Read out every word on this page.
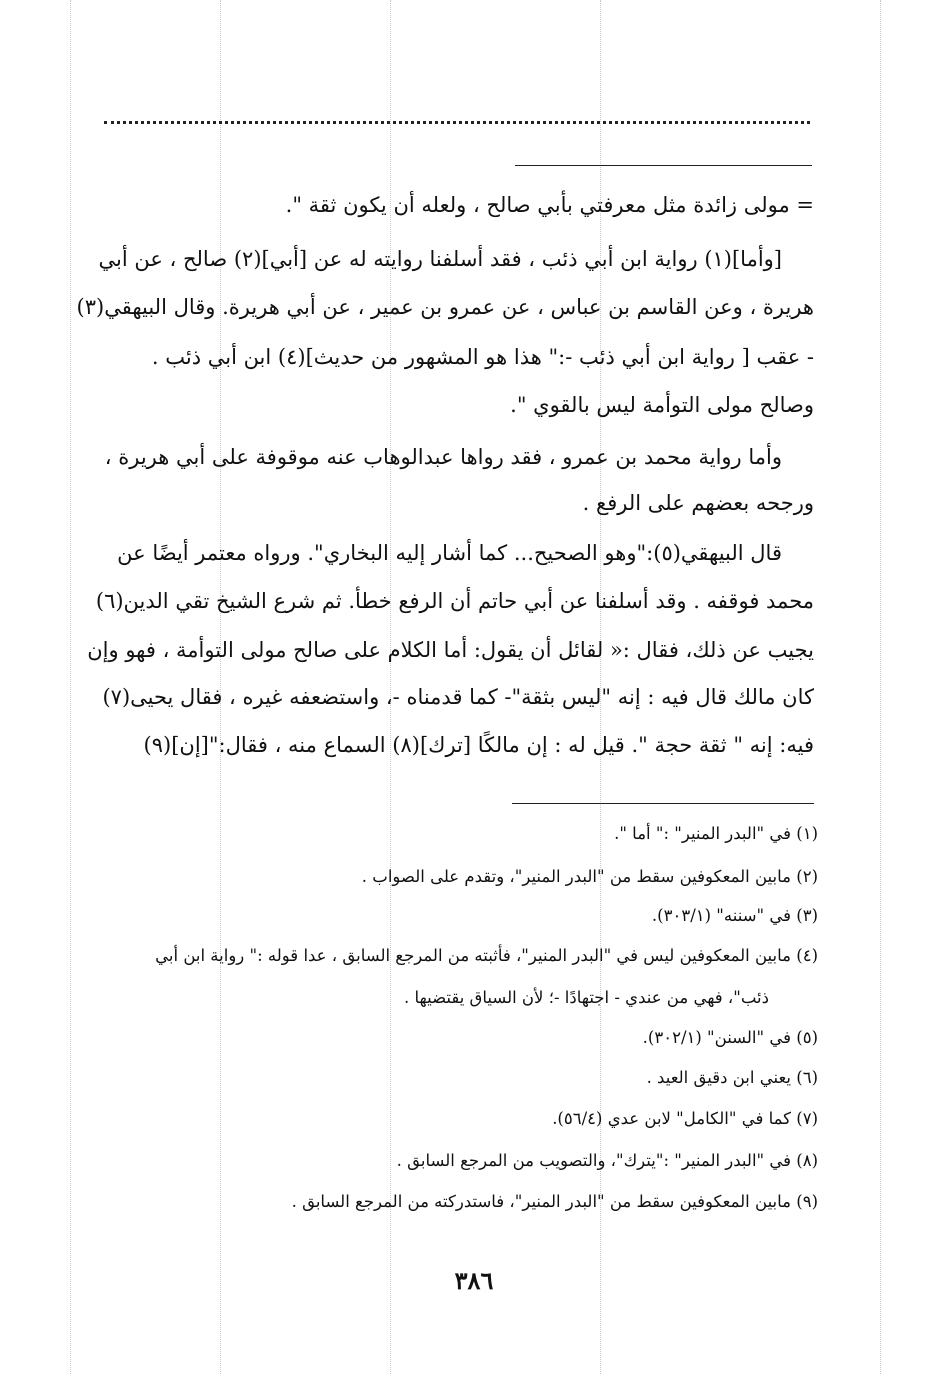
= مولى زائدة مثل معرفتي بأبي صالح ، ولعله أن يكون ثقة ".
[وأما](١) رواية ابن أبي ذئب ، فقد أسلفنا روايته له عن [أبي](٢) صالح ، عن أبي
هريرة ، وعن القاسم بن عباس ، عن عمرو بن عمير ، عن أبي هريرة. وقال البيهقي(٣)
- عقب [ رواية ابن أبي ذئب -:" هذا هو المشهور من حديث](٤) ابن أبي ذئب .
وصالح مولى التوأمة ليس بالقوي ".
وأما رواية محمد بن عمرو ، فقد رواها عبدالوهاب عنه موقوفة على أبي هريرة ،
ورجحه بعضهم على الرفع .
قال البيهقي(٥):"وهو الصحيح... كما أشار إليه البخاري". ورواه معتمر أيضًا عن
محمد فوقفه . وقد أسلفنا عن أبي حاتم أن الرفع خطأ. ثم شرع الشيخ تقي الدين(٦)
يجيب عن ذلك، فقال :« لقائل أن يقول: أما الكلام على صالح مولى التوأمة ، فهو وإن
كان مالك قال فيه : إنه "ليس بثقة"- كما قدمناه -، واستضعفه غيره ، فقال يحيى(٧)
فيه: إنه " ثقة حجة ". قيل له : إن مالكًا [ترك](٨) السماع منه ، فقال:"[إن](٩)
(١) في "البدر المنير" :" أما ".
(٢) مابين المعكوفين سقط من "البدر المنير"، وتقدم على الصواب .
(٣) في "سننه" (٣٠٣/١).
(٤) مابين المعكوفين ليس في "البدر المنير"، فأثبته من المرجع السابق ، عدا قوله :" رواية ابن أبي
ذئب"، فهي من عندي - اجتهادًا -؛ لأن السياق يقتضيها .
(٥) في "السنن" (٣٠٢/١).
(٦) يعني ابن دقيق العيد .
(٧) كما في "الكامل" لابن عدي (٥٦/٤).
(٨) في "البدر المنير" :"يترك"، والتصويب من المرجع السابق .
(٩) مابين المعكوفين سقط من "البدر المنير"، فاستدركته من المرجع السابق .
٣٨٦
